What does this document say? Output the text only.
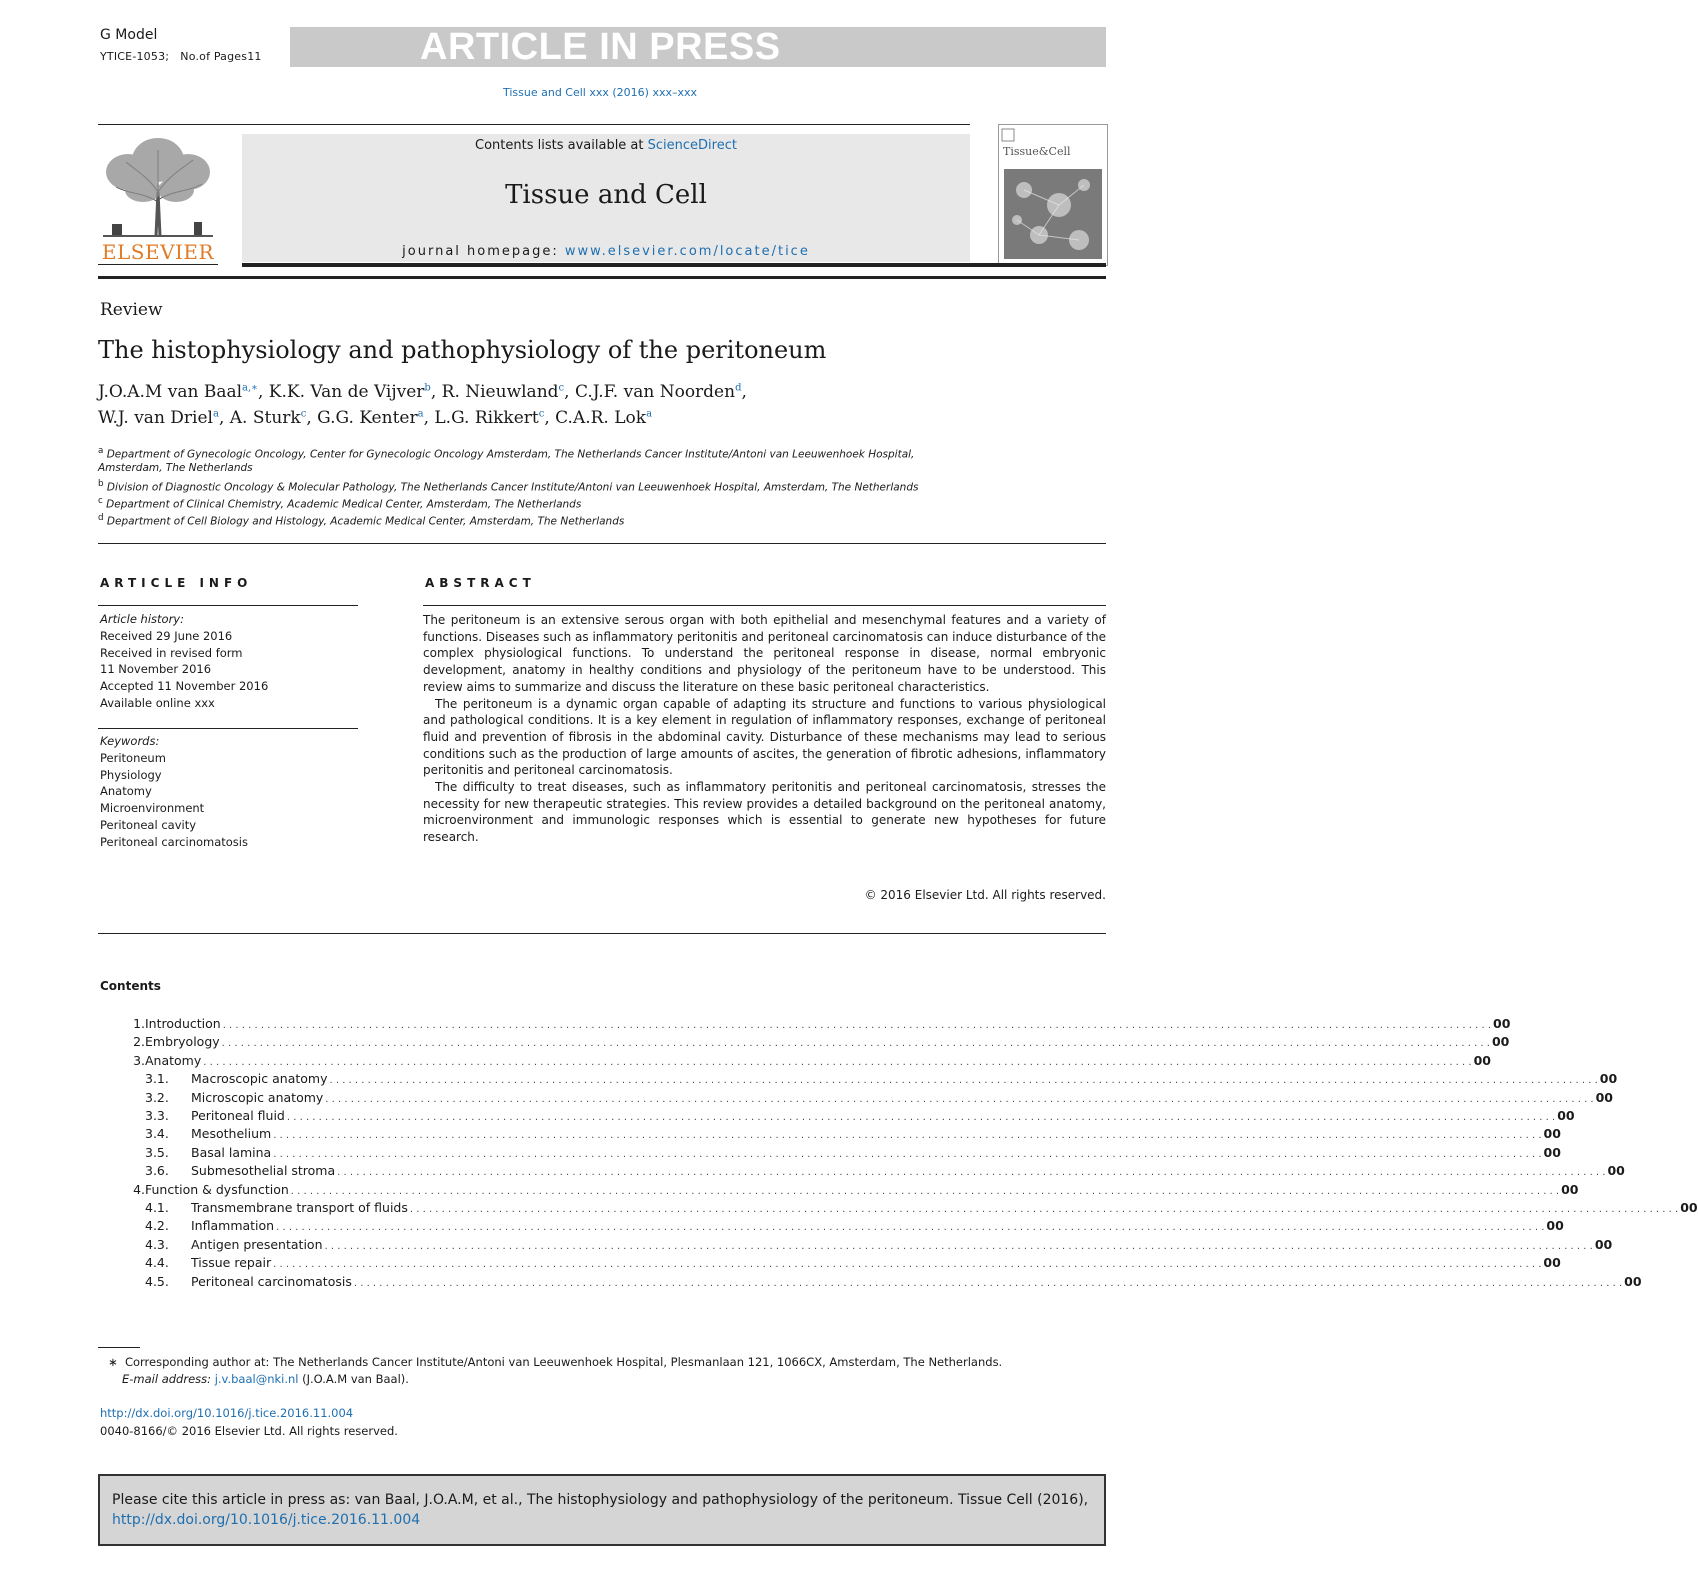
G Model
YTICE-1053; No.of Pages11	ARTICLE IN PRESS
Tissue and Cell xxx (2016) xxx–xxx
ELSEVIER
Contents lists available at ScienceDirect
Tissue and Cell
journal homepage: www.elsevier.com/locate/tice
Tissue&Cell
Review
The histophysiology and pathophysiology of the peritoneum
J.O.A.M van Baal$^{a,∗}$, K.K. Van de Vijver$^b$, R. Nieuwland$^c$, C.J.F. van Noorden$^d$,
W.J. van Driel$^a$, A. Sturk$^c$, G.G. Kenter$^a$, L.G. Rikkert$^c$, C.A.R. Lok$^a$
$^a$ Department of Gynecologic Oncology, Center for Gynecologic Oncology Amsterdam, The Netherlands Cancer Institute/Antoni van Leeuwenhoek Hospital,
Amsterdam, The Netherlands
$^b$ Division of Diagnostic Oncology & Molecular Pathology, The Netherlands Cancer Institute/Antoni van Leeuwenhoek Hospital, Amsterdam, The Netherlands
$^c$ Department of Clinical Chemistry, Academic Medical Center, Amsterdam, The Netherlands
$^d$ Department of Cell Biology and Histology, Academic Medical Center, Amsterdam, The Netherlands
ARTICLE INFO	ABSTRACT
Article history:
Received 29 June 2016
Received in revised form
11 November 2016
Accepted 11 November 2016
Available online xxx
Keywords:
Peritoneum
Physiology
Anatomy
Microenvironment
Peritoneal cavity
Peritoneal carcinomatosis

The peritoneum is an extensive serous organ with both epithelial and mesenchymal features and a variety of functions. Diseases such as inflammatory peritonitis and peritoneal carcinomatosis can induce disturbance of the complex physiological functions. To understand the peritoneal response in disease, normal embryonic development, anatomy in healthy conditions and physiology of the peritoneum have to be understood. This review aims to summarize and discuss the literature on these basic peritoneal characteristics.

The peritoneum is a dynamic organ capable of adapting its structure and functions to various physiological and pathological conditions. It is a key element in regulation of inflammatory responses, exchange of peritoneal fluid and prevention of fibrosis in the abdominal cavity. Disturbance of these mechanisms may lead to serious conditions such as the production of large amounts of ascites, the generation of fibrotic adhesions, inflammatory peritonitis and peritoneal carcinomatosis.

The difficulty to treat diseases, such as inflammatory peritonitis and peritoneal carcinomatosis, stresses the necessity for new therapeutic strategies. This review provides a detailed background on the peritoneal anatomy, microenvironment and immunologic responses which is essential to generate new hypotheses for future research.

© 2016 Elsevier Ltd. All rights reserved.
Contents
1. Introduction . . . . . . . . . . . . . . . . . . . . . . . . . . . . . . . . . . . . . . . . . . . . . . . . . . . . . . . . . . . . . . . . . . . . . . . . . . . . . . . . . . . . . . . . . . . . . . . . . . . . . . . . . . . . . . . . . . . . . . . . . . . . . . . . . . . . . . . . . . . . . . . . . . . . . . . . . . . . . . . . . . . . . . . . . . . . . . . . . . . . . . . . . . . . . . . . . . . . . . . . 00
2. Embryology . . . . . . . . . . . . . . . . . . . . . . . . . . . . . . . . . . . . . . . . . . . . . . . . . . . . . . . . . . . . . . . . . . . . . . . . . . . . . . . . . . . . . . . . . . . . . . . . . . . . . . . . . . . . . . . . . . . . . . . . . . . . . . . . . . . . . . . . . . . . . . . . . . . . . . . . . . . . . . . . . . . . . . . . . . . . . . . . . . . . . . . . . . . . . . . . . . . . . . . . 00
3. Anatomy . . . . . . . . . . . . . . . . . . . . . . . . . . . . . . . . . . . . . . . . . . . . . . . . . . . . . . . . . . . . . . . . . . . . . . . . . . . . . . . . . . . . . . . . . . . . . . . . . . . . . . . . . . . . . . . . . . . . . . . . . . . . . . . . . . . . . . . . . . . . . . . . . . . . . . . . . . . . . . . . . . . . . . . . . . . . . . . . . . . . . . . . . . . . . . . . . . . . . . . . 00
3.1.	Macroscopic anatomy . . . . . . . . . . . . . . . . . . . . . . . . . . . . . . . . . . . . . . . . . . . . . . . . . . . . . . . . . . . . . . . . . . . . . . . . . . . . . . . . . . . . . . . . . . . . . . . . . . . . . . . . . . . . . . . . . . . . . . . . . . . . . . . . . . . . . . . . . . . . . . . . . . . . . . . . . . . . . . . . . . . . . . . . . . . . . . . . . . . . . . . . . . . . . . . . . . . . . . . . 00
3.2.	Microscopic anatomy . . . . . . . . . . . . . . . . . . . . . . . . . . . . . . . . . . . . . . . . . . . . . . . . . . . . . . . . . . . . . . . . . . . . . . . . . . . . . . . . . . . . . . . . . . . . . . . . . . . . . . . . . . . . . . . . . . . . . . . . . . . . . . . . . . . . . . . . . . . . . . . . . . . . . . . . . . . . . . . . . . . . . . . . . . . . . . . . . . . . . . . . . . . . . . . . . . . . . . . . 00
3.3.	Peritoneal fluid . . . . . . . . . . . . . . . . . . . . . . . . . . . . . . . . . . . . . . . . . . . . . . . . . . . . . . . . . . . . . . . . . . . . . . . . . . . . . . . . . . . . . . . . . . . . . . . . . . . . . . . . . . . . . . . . . . . . . . . . . . . . . . . . . . . . . . . . . . . . . . . . . . . . . . . . . . . . . . . . . . . . . . . . . . . . . . . . . . . . . . . . . . . . . . . . . . . . . . . . 00
3.4.	Mesothelium . . . . . . . . . . . . . . . . . . . . . . . . . . . . . . . . . . . . . . . . . . . . . . . . . . . . . . . . . . . . . . . . . . . . . . . . . . . . . . . . . . . . . . . . . . . . . . . . . . . . . . . . . . . . . . . . . . . . . . . . . . . . . . . . . . . . . . . . . . . . . . . . . . . . . . . . . . . . . . . . . . . . . . . . . . . . . . . . . . . . . . . . . . . . . . . . . . . . . . . . 00
3.5.	Basal lamina . . . . . . . . . . . . . . . . . . . . . . . . . . . . . . . . . . . . . . . . . . . . . . . . . . . . . . . . . . . . . . . . . . . . . . . . . . . . . . . . . . . . . . . . . . . . . . . . . . . . . . . . . . . . . . . . . . . . . . . . . . . . . . . . . . . . . . . . . . . . . . . . . . . . . . . . . . . . . . . . . . . . . . . . . . . . . . . . . . . . . . . . . . . . . . . . . . . . . . . . 00
3.6.	Submesothelial stroma . . . . . . . . . . . . . . . . . . . . . . . . . . . . . . . . . . . . . . . . . . . . . . . . . . . . . . . . . . . . . . . . . . . . . . . . . . . . . . . . . . . . . . . . . . . . . . . . . . . . . . . . . . . . . . . . . . . . . . . . . . . . . . . . . . . . . . . . . . . . . . . . . . . . . . . . . . . . . . . . . . . . . . . . . . . . . . . . . . . . . . . . . . . . . . . . . . . . . . . . 00
4. Function & dysfunction . . . . . . . . . . . . . . . . . . . . . . . . . . . . . . . . . . . . . . . . . . . . . . . . . . . . . . . . . . . . . . . . . . . . . . . . . . . . . . . . . . . . . . . . . . . . . . . . . . . . . . . . . . . . . . . . . . . . . . . . . . . . . . . . . . . . . . . . . . . . . . . . . . . . . . . . . . . . . . . . . . . . . . . . . . . . . . . . . . . . . . . . . . . . . . . . . . . . . . . . 00
4.1.	Transmembrane transport of fluids . . . . . . . . . . . . . . . . . . . . . . . . . . . . . . . . . . . . . . . . . . . . . . . . . . . . . . . . . . . . . . . . . . . . . . . . . . . . . . . . . . . . . . . . . . . . . . . . . . . . . . . . . . . . . . . . . . . . . . . . . . . . . . . . . . . . . . . . . . . . . . . . . . . . . . . . . . . . . . . . . . . . . . . . . . . . . . . . . . . . . . . . . . . . . . . . . . . . . . . . 00
4.2.	Inflammation . . . . . . . . . . . . . . . . . . . . . . . . . . . . . . . . . . . . . . . . . . . . . . . . . . . . . . . . . . . . . . . . . . . . . . . . . . . . . . . . . . . . . . . . . . . . . . . . . . . . . . . . . . . . . . . . . . . . . . . . . . . . . . . . . . . . . . . . . . . . . . . . . . . . . . . . . . . . . . . . . . . . . . . . . . . . . . . . . . . . . . . . . . . . . . . . . . . . . . . . 00
4.3.	Antigen presentation . . . . . . . . . . . . . . . . . . . . . . . . . . . . . . . . . . . . . . . . . . . . . . . . . . . . . . . . . . . . . . . . . . . . . . . . . . . . . . . . . . . . . . . . . . . . . . . . . . . . . . . . . . . . . . . . . . . . . . . . . . . . . . . . . . . . . . . . . . . . . . . . . . . . . . . . . . . . . . . . . . . . . . . . . . . . . . . . . . . . . . . . . . . . . . . . . . . . . . . . 00
4.4.	Tissue repair . . . . . . . . . . . . . . . . . . . . . . . . . . . . . . . . . . . . . . . . . . . . . . . . . . . . . . . . . . . . . . . . . . . . . . . . . . . . . . . . . . . . . . . . . . . . . . . . . . . . . . . . . . . . . . . . . . . . . . . . . . . . . . . . . . . . . . . . . . . . . . . . . . . . . . . . . . . . . . . . . . . . . . . . . . . . . . . . . . . . . . . . . . . . . . . . . . . . . . . . 00
4.5.	Peritoneal carcinomatosis . . . . . . . . . . . . . . . . . . . . . . . . . . . . . . . . . . . . . . . . . . . . . . . . . . . . . . . . . . . . . . . . . . . . . . . . . . . . . . . . . . . . . . . . . . . . . . . . . . . . . . . . . . . . . . . . . . . . . . . . . . . . . . . . . . . . . . . . . . . . . . . . . . . . . . . . . . . . . . . . . . . . . . . . . . . . . . . . . . . . . . . . . . . . . . . . . . . . . . . . 00
∗ Corresponding author at: The Netherlands Cancer Institute/Antoni van Leeuwenhoek Hospital, Plesmanlaan 121, 1066CX, Amsterdam, The Netherlands.
E-mail address: j.v.baal@nki.nl (J.O.A.M van Baal).
http://dx.doi.org/10.1016/j.tice.2016.11.004
0040-8166/© 2016 Elsevier Ltd. All rights reserved.
Please cite this article in press as: van Baal, J.O.A.M, et al., The histophysiology and pathophysiology of the peritoneum. Tissue Cell (2016), http://dx.doi.org/10.1016/j.tice.2016.11.004
